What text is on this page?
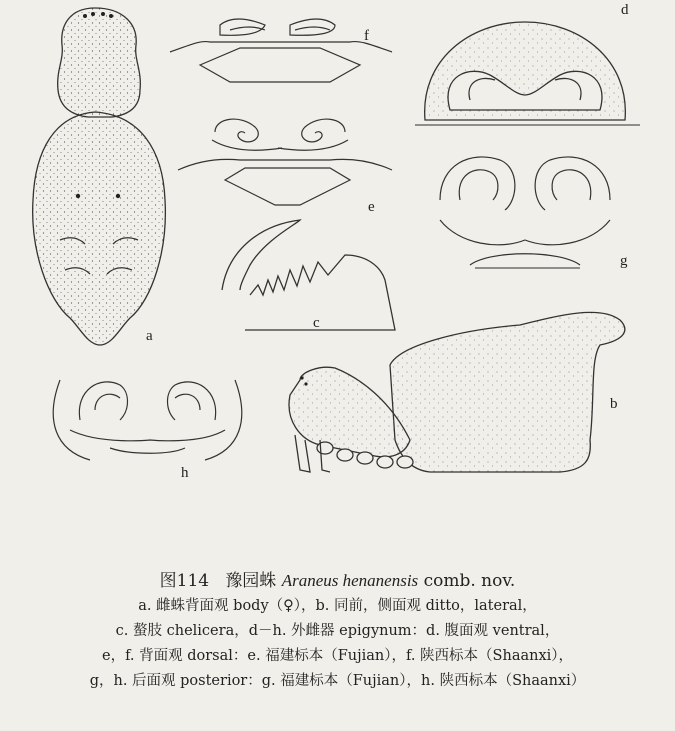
a
b
c
d
e
f
g
h
图114 豫园蛛 Araneus henanensis comb. nov.
a. 雌蛛背面观 body（♀），b. 同前，侧面观 ditto，lateral，
c. 螯肢 chelicera，d－h. 外雌器 epigynum：d. 腹面观 ventral，
e，f. 背面观 dorsal：e. 福建标本（Fujian），f. 陕西标本（Shaanxi），
g，h. 后面观 posterior：g. 福建标本（Fujian），h. 陕西标本（Shaanxi）
